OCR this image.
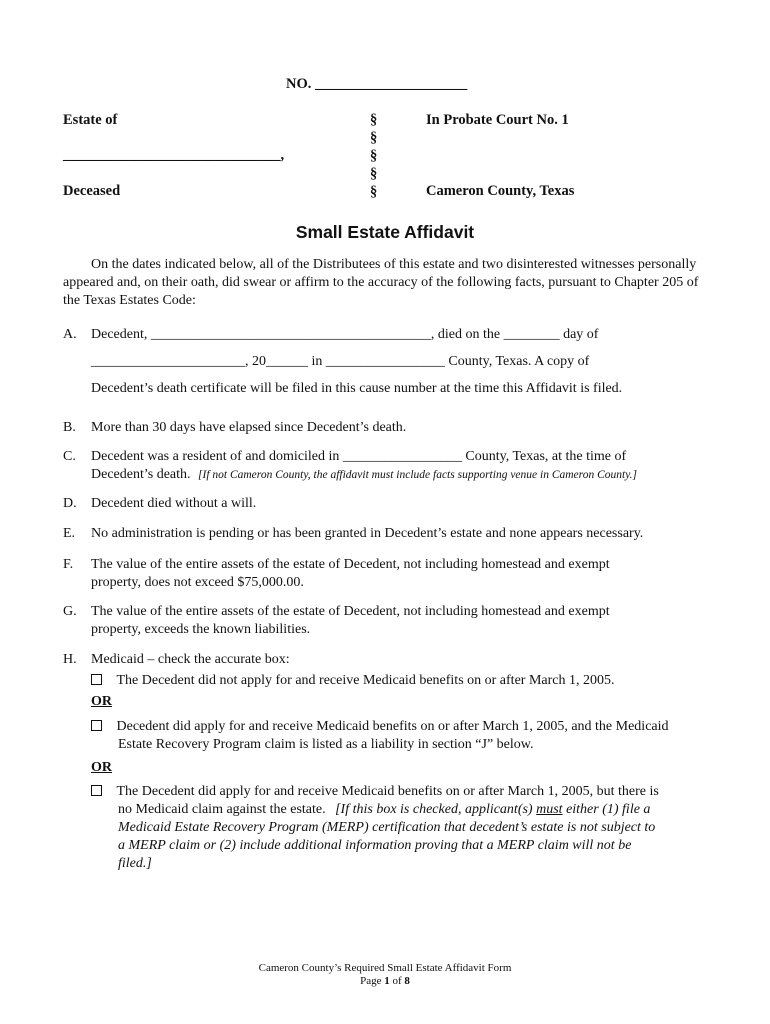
NO. _____________________
Estate of
______________________________,
Deceased
§
§
§
§
§
In Probate Court No. 1
Cameron County, Texas
Small Estate Affidavit
On the dates indicated below, all of the Distributees of this estate and two disinterested witnesses personally appeared and, on their oath, did swear or affirm to the accuracy of the following facts, pursuant to Chapter 205 of the Texas Estates Code:
A. Decedent, ________________________________________, died on the ________ day of
______________________, 20______ in _________________ County, Texas. A copy of
Decedent’s death certificate will be filed in this cause number at the time this Affidavit is filed.
B. More than 30 days have elapsed since Decedent’s death.
C. Decedent was a resident of and domiciled in _________________ County, Texas, at the time of
Decedent’s death. [If not Cameron County, the affidavit must include facts supporting venue in Cameron County.]
D. Decedent died without a will.
E. No administration is pending or has been granted in Decedent’s estate and none appears necessary.
F. The value of the entire assets of the estate of Decedent, not including homestead and exempt
property, does not exceed $75,000.00.
G. The value of the entire assets of the estate of Decedent, not including homestead and exempt
property, exceeds the known liabilities.
H. Medicaid – check the accurate box:
The Decedent did not apply for and receive Medicaid benefits on or after March 1, 2005.
OR
Decedent did apply for and receive Medicaid benefits on or after March 1, 2005, and the Medicaid
Estate Recovery Program claim is listed as a liability in section “J” below.
OR
The Decedent did apply for and receive Medicaid benefits on or after March 1, 2005, but there is
no Medicaid claim against the estate. [If this box is checked, applicant(s) must either (1) file a
Medicaid Estate Recovery Program (MERP) certification that decedent’s estate is not subject to
a MERP claim or (2) include additional information proving that a MERP claim will not be
filed.]
Cameron County’s Required Small Estate Affidavit Form
Page 1 of 8
